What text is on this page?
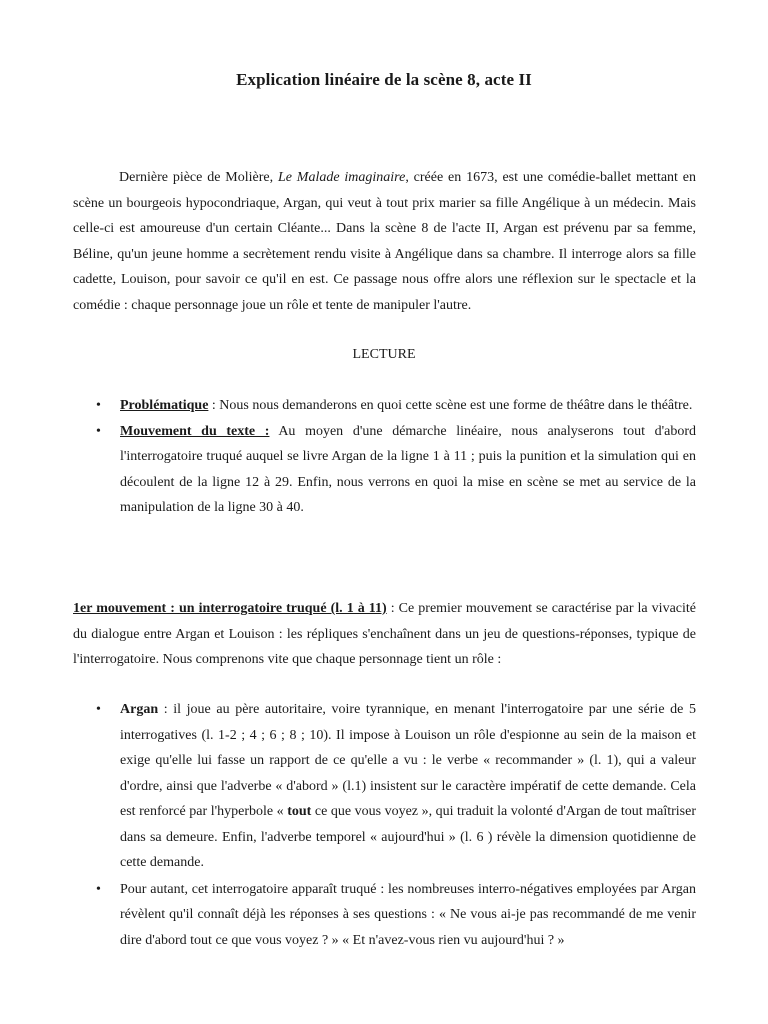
Explication linéaire de la scène 8, acte II

Dernière pièce de Molière, Le Malade imaginaire, créée en 1673, est une comédie-ballet mettant en scène un bourgeois hypocondriaque, Argan, qui veut à tout prix marier sa fille Angélique à un médecin. Mais celle-ci est amoureuse d'un certain Cléante... Dans la scène 8 de l'acte II, Argan est prévenu par sa femme, Béline, qu'un jeune homme a secrètement rendu visite à Angélique dans sa chambre. Il interroge alors sa fille cadette, Louison, pour savoir ce qu'il en est. Ce passage nous offre alors une réflexion sur le spectacle et la comédie : chaque personnage joue un rôle et tente de manipuler l'autre.

LECTURE
• Problématique : Nous nous demanderons en quoi cette scène est une forme de théâtre dans le théâtre.
• Mouvement du texte : Au moyen d'une démarche linéaire, nous analyserons tout d'abord l'interrogatoire truqué auquel se livre Argan de la ligne 1 à 11 ; puis la punition et la simulation qui en découlent de la ligne 12 à 29. Enfin, nous verrons en quoi la mise en scène se met au service de la manipulation de la ligne 30 à 40.

1er mouvement : un interrogatoire truqué (l. 1 à 11) : Ce premier mouvement se caractérise par la vivacité du dialogue entre Argan et Louison : les répliques s'enchaînent dans un jeu de questions-réponses, typique de l'interrogatoire. Nous comprenons vite que chaque personnage tient un rôle :

• Argan : il joue au père autoritaire, voire tyrannique, en menant l'interrogatoire par une série de 5 interrogatives (l. 1-2 ; 4 ; 6 ; 8 ; 10). Il impose à Louison un rôle d'espionne au sein de la maison et exige qu'elle lui fasse un rapport de ce qu'elle a vu : le verbe « recommander » (l. 1), qui a valeur d'ordre, ainsi que l'adverbe « d'abord » (l.1) insistent sur le caractère impératif de cette demande. Cela est renforcé par l'hyperbole « tout ce que vous voyez », qui traduit la volonté d'Argan de tout maîtriser dans sa demeure. Enfin, l'adverbe temporel « aujourd'hui » (l. 6 ) révèle la dimension quotidienne de cette demande.
• Pour autant, cet interrogatoire apparaît truqué : les nombreuses interro-négatives employées par Argan révèlent qu'il connaît déjà les réponses à ses questions : « Ne vous ai-je pas recommandé de me venir dire d'abord tout ce que vous voyez ? » « Et n'avez-vous rien vu aujourd'hui ? »
